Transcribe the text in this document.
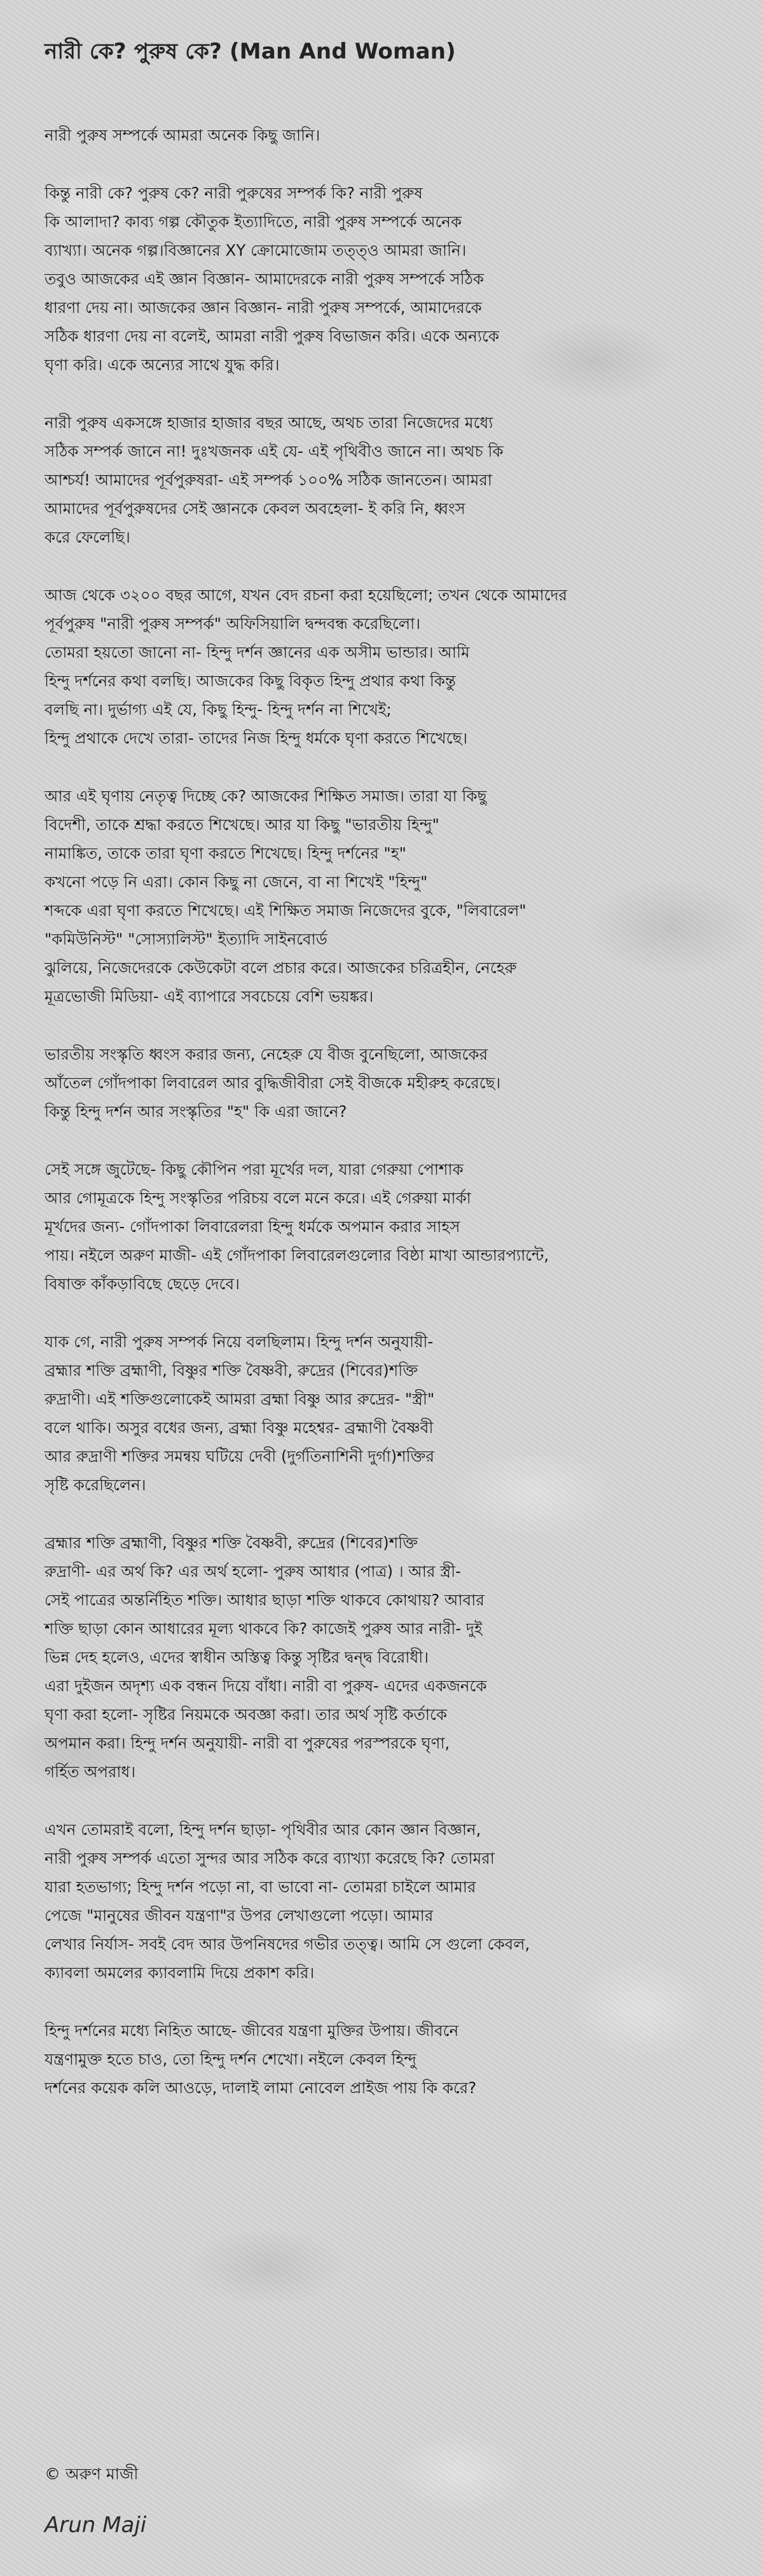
নারী কে? পুরুষ কে? (Man And Woman)

নারী পুরুষ সম্পর্কে আমরা অনেক কিছু জানি।

কিন্তু নারী কে? পুরুষ কে? নারী পুরুষের সম্পর্ক কি? নারী পুরুষ
কি আলাদা? কাব্য গল্প কৌতুক ইত্যাদিতে, নারী পুরুষ সম্পর্কে অনেক
ব্যাখ্যা। অনেক গল্প।বিজ্ঞানের XY ক্রোমোজোম তত্ত্ও আমরা জানি।
তবুও আজকের এই জ্ঞান বিজ্ঞান- আমাদেরকে নারী পুরুষ সম্পর্কে সঠিক
ধারণা দেয় না। আজকের জ্ঞান বিজ্ঞান- নারী পুরুষ সম্পর্কে, আমাদেরকে
সঠিক ধারণা দেয় না বলেই, আমরা নারী পুরুষ বিভাজন করি। একে অন্যকে
ঘৃণা করি। একে অন্যের সাথে যুদ্ধ করি।

নারী পুরুষ একসঙ্গে হাজার হাজার বছর আছে, অথচ তারা নিজেদের মধ্যে
সঠিক সম্পর্ক জানে না! দুঃখজনক এই যে- এই পৃথিবীও জানে না। অথচ কি
আশ্চর্য! আমাদের পূর্বপুরুষরা- এই সম্পর্ক ১০০% সঠিক জানতেন। আমরা
আমাদের পূর্বপুরুষদের সেই জ্ঞানকে কেবল অবহেলা- ই করি নি, ধ্বংস
করে ফেলেছি।

আজ থেকে ৩২০০ বছর আগে, যখন বেদ রচনা করা হয়েছিলো; তখন থেকে আমাদের
পূর্বপুরুষ "নারী পুরুষ সম্পর্ক" অফিসিয়ালি দ্বন্দবন্ধ করেছিলো।
তোমরা হয়তো জানো না- হিন্দু দর্শন জ্ঞানের এক অসীম ভান্ডার। আমি
হিন্দু দর্শনের কথা বলছি। আজকের কিছু বিকৃত হিন্দু প্রথার কথা কিন্তু
বলছি না। দুর্ভাগ্য এই যে, কিছু হিন্দু- হিন্দু দর্শন না শিখেই;
হিন্দু প্রথাকে দেখে তারা- তাদের নিজ হিন্দু ধর্মকে ঘৃণা করতে শিখেছে।

আর এই ঘৃণায় নেতৃত্ব দিচ্ছে কে? আজকের শিক্ষিত সমাজ। তারা যা কিছু
বিদেশী, তাকে শ্রদ্ধা করতে শিখেছে। আর যা কিছু "ভারতীয় হিন্দু"
নামাঙ্কিত, তাকে তারা ঘৃণা করতে শিখেছে। হিন্দু দর্শনের "হ"
কখনো পড়ে নি এরা। কোন কিছু না জেনে, বা না শিখেই "হিন্দু"
শব্দকে এরা ঘৃণা করতে শিখেছে। এই শিক্ষিত সমাজ নিজেদের বুকে, "লিবারেল"
"কমিউনিস্ট" "সোস্যালিস্ট" ইত্যাদি সাইনবোর্ড
ঝুলিয়ে, নিজেদেরকে কেউকেটা বলে প্রচার করে। আজকের চরিত্রহীন, নেহেরু
মূত্রভোজী মিডিয়া- এই ব্যাপারে সবচেয়ে বেশি ভয়ঙ্কর।

ভারতীয় সংস্কৃতি ধ্বংস করার জন্য, নেহেরু যে বীজ বুনেছিলো, আজকের
আঁতেল গোঁদপাকা লিবারেল আর বুদ্ধিজীবীরা সেই বীজকে মহীরুহ করেছে।
কিন্তু হিন্দু দর্শন আর সংস্কৃতির "হ" কি এরা জানে?

সেই সঙ্গে জুটেছে- কিছু কৌপিন পরা মূর্খের দল, যারা গেরুয়া পোশাক
আর গোমূত্রকে হিন্দু সংস্কৃতির পরিচয় বলে মনে করে। এই গেরুয়া মার্কা
মূর্খদের জন্য- গোঁদপাকা লিবারেলরা হিন্দু ধর্মকে অপমান করার সাহস
পায়। নইলে অরুণ মাজী- এই গোঁদপাকা লিবারেলগুলোর বিষ্ঠা মাখা আন্ডারপ্যান্টে,
বিষাক্ত কাঁকড়াবিছে ছেড়ে দেবে।

যাক গে, নারী পুরুষ সম্পর্ক নিয়ে বলছিলাম। হিন্দু দর্শন অনুযায়ী-
ব্রহ্মার শক্তি ব্রহ্মাণী, বিষ্ণুর শক্তি বৈষ্ণবী, রুদ্রের (শিবের)শক্তি
রুদ্রাণী। এই শক্তিগুলোকেই আমরা ব্রহ্মা বিষ্ণু আর রুদ্রের- "স্ত্রী"
বলে থাকি। অসুর বধের জন্য, ব্রহ্মা বিষ্ণু মহেশ্বর- ব্রহ্মাণী বৈষ্ণবী
আর রুদ্রাণী শক্তির সমন্বয় ঘটিয়ে দেবী (দুর্গতিনাশিনী দুর্গা)শক্তির
সৃষ্টি করেছিলেন।

ব্রহ্মার শক্তি ব্রহ্মাণী, বিষ্ণুর শক্তি বৈষ্ণবী, রুদ্রের (শিবের)শক্তি
রুদ্রাণী- এর অর্থ কি? এর অর্থ হলো- পুরুষ আধার (পাত্র) । আর স্ত্রী-
সেই পাত্রের অন্তর্নিহিত শক্তি। আধার ছাড়া শক্তি থাকবে কোথায়? আবার
শক্তি ছাড়া কোন আধারের মূল্য থাকবে কি? কাজেই পুরুষ আর নারী- দুই
ভিন্ন দেহ হলেও, এদের স্বাধীন অস্তিত্ব কিন্তু সৃষ্টির দ্বন্দ্ব বিরোধী।
এরা দুইজন অদৃশ্য এক বন্ধন দিয়ে বাঁধা। নারী বা পুরুষ- এদের একজনকে
ঘৃণা করা হলো- সৃষ্টির নিয়মকে অবজ্ঞা করা। তার অর্থ সৃষ্টি কর্তাকে
অপমান করা। হিন্দু দর্শন অনুযায়ী- নারী বা পুরুষের পরস্পরকে ঘৃণা,
গর্হিত অপরাধ।

এখন তোমরাই বলো, হিন্দু দর্শন ছাড়া- পৃথিবীর আর কোন জ্ঞান বিজ্ঞান,
নারী পুরুষ সম্পর্ক এতো সুন্দর আর সঠিক করে ব্যাখ্যা করেছে কি? তোমরা
যারা হতভাগ্য; হিন্দু দর্শন পড়ো না, বা ভাবো না- তোমরা চাইলে আমার
পেজে "মানুষের জীবন যন্ত্রণা"র উপর লেখাগুলো পড়ো। আমার
লেখার নির্যাস- সবই বেদ আর উপনিষদের গভীর তত্ত্ব। আমি সে গুলো কেবল,
ক্যাবলা অমলের ক্যাবলামি দিয়ে প্রকাশ করি।

হিন্দু দর্শনের মধ্যে নিহিত আছে- জীবের যন্ত্রণা মুক্তির উপায়। জীবনে
যন্ত্রণামুক্ত হতে চাও, তো হিন্দু দর্শন শেখো। নইলে কেবল হিন্দু
দর্শনের কয়েক কলি আওড়ে, দালাই লামা নোবেল প্রাইজ পায় কি করে?

© অরুণ মাজী
Arun Maji
